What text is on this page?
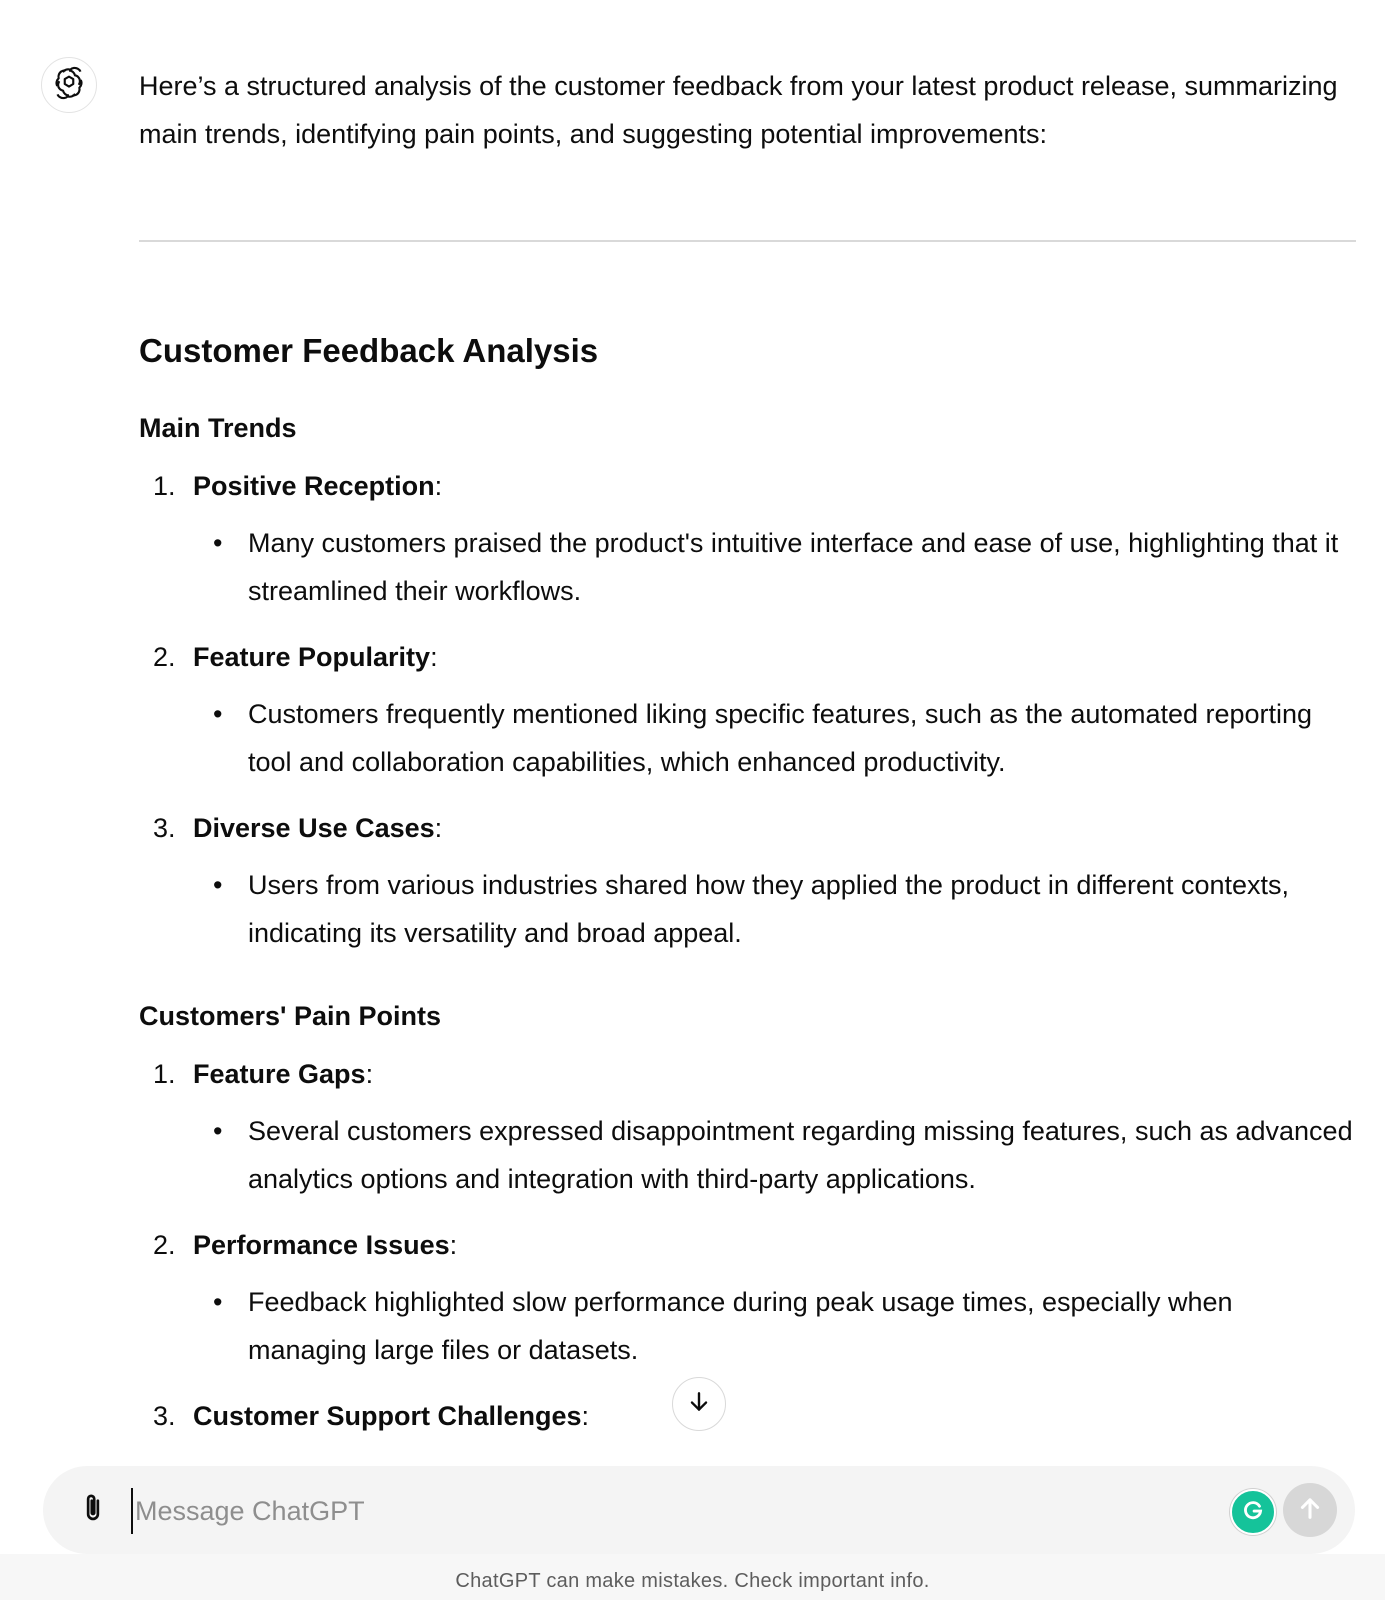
Here’s a structured analysis of the customer feedback from your latest product release, summarizing main trends, identifying pain points, and suggesting potential improvements:

Customer Feedback Analysis
Main Trends
1. Positive Reception:
• Many customers praised the product's intuitive interface and ease of use, highlighting that it streamlined their workflows.
2. Feature Popularity:
• Customers frequently mentioned liking specific features, such as the automated reporting tool and collaboration capabilities, which enhanced productivity.
3. Diverse Use Cases:
• Users from various industries shared how they applied the product in different contexts, indicating its versatility and broad appeal.
Customers' Pain Points
1. Feature Gaps:
• Several customers expressed disappointment regarding missing features, such as advanced analytics options and integration with third-party applications.
2. Performance Issues:
• Feedback highlighted slow performance during peak usage times, especially when managing large files or datasets.
3. Customer Support Challenges:
Message ChatGPT
ChatGPT can make mistakes. Check important info.
